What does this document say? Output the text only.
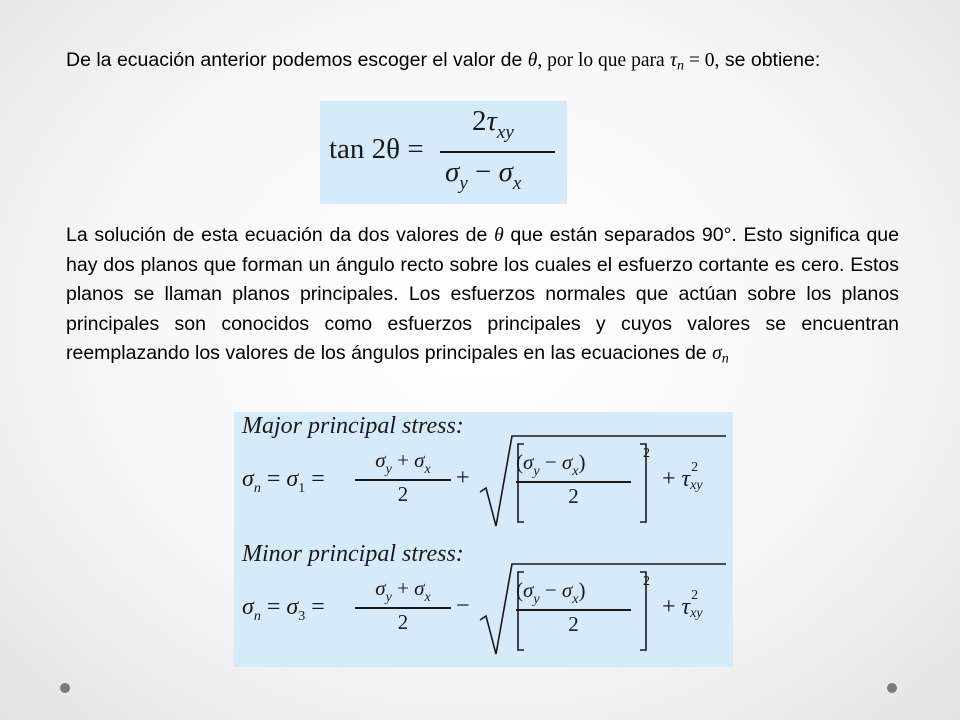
De la ecuación anterior podemos escoger el valor de θ, por lo que para $\tau_n = 0$, se obtiene:
tan 2θ =
$2\tau_{xy}$
$\sigma_y - \sigma_x$
La solución de esta ecuación da dos valores de θ que están separados 90°. Esto significa que hay dos planos que forman un ángulo recto sobre los cuales el esfuerzo cortante es cero. Estos planos se llaman planos principales. Los esfuerzos normales que actúan sobre los planos principales son conocidos como esfuerzos principales y cuyos valores se encuentran reemplazando los valores de los ángulos principales en las ecuaciones de $\sigma_n$
Major principal stress:
$\sigma_n = \sigma_1$ =
$\sigma_y + \sigma_x$
2
+
$(\sigma_y - \sigma_x)$
2
2
+ τ 2
xy
Minor principal stress:
$\sigma_n = \sigma_3$ =
$\sigma_y + \sigma_x$
2
−
$(\sigma_y - \sigma_x)$
2
2
+ τ 2
xy
